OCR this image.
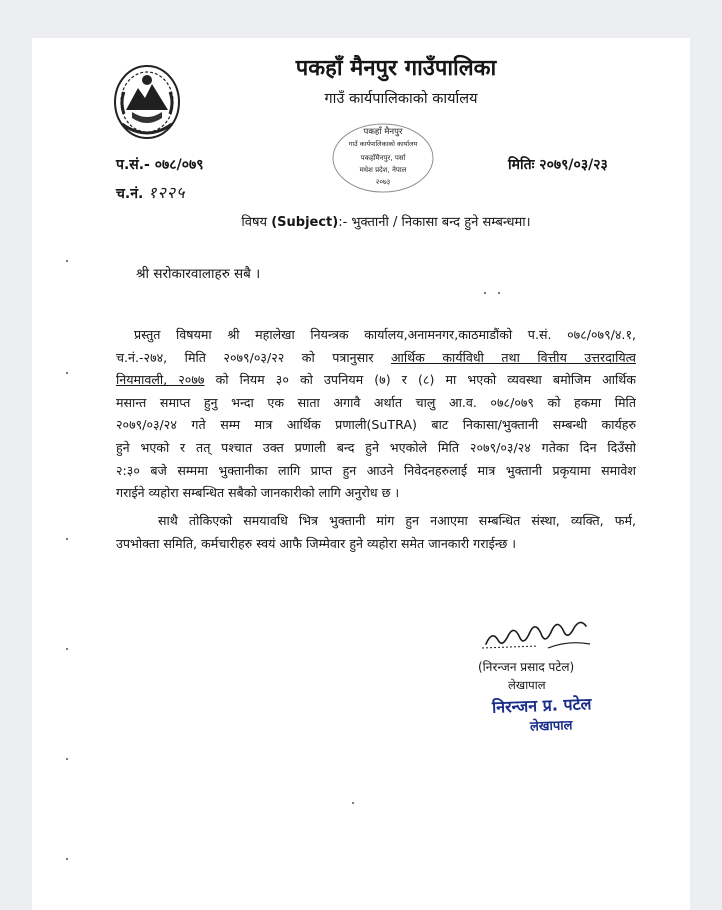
पकहाँ मैनपुर गाउँपालिका
गाउँ कार्यपालिकाको कार्यालय
पकहाँ मैनपुर
गाउँ कार्यपालिकाको कार्यालय
पकहाँमैनपुर, पर्सा
मधेश प्रदेश, नेपाल
२०७३
प.सं.- ०७८/०७९	मितिः २०७९/०३/२३
च.नं. १२२५
विषय (Subject):- भुक्तानी / निकासा बन्द हुने सम्बन्धमा।
श्री सरोकारवालाहरु सबै ।
प्रस्तुत विषयमा श्री महालेखा नियन्त्रक कार्यालय,अनामनगर,काठमाडौंको प.सं. ०७८/०७९/४.१,
च.नं.-२७४, मिति २०७९/०३/२२ को पत्रानुसार आर्थिक कार्यविधी तथा वित्तीय उत्तरदायित्व
नियमावली, २०७७ को नियम ३० को उपनियम (७) र (८) मा भएको व्यवस्था बमोजिम आर्थिक
मसान्त समाप्त हुनु भन्दा एक साता अगावै अर्थात चालु आ.व. ०७८/०७९ को हकमा मिति
२०७९/०३/२४ गते सम्म मात्र आर्थिक प्रणाली(SuTRA) बाट निकासा/भुक्तानी सम्बन्धी कार्यहरु
हुने भएको र तत् पश्चात उक्त प्रणाली बन्द हुने भएकोले मिति २०७९/०३/२४ गतेका दिन दिउँसो
२:३० बजे सम्ममा भुक्तानीका लागि प्राप्त हुन आउने निवेदनहरुलाई मात्र भुक्तानी प्रकृयामा समावेश
गराईने व्यहोरा सम्बन्धित सबैको जानकारीको लागि अनुरोध छ ।
साथै तोकिएको समयावधि भित्र भुक्तानी मांग हुन नआएमा सम्बन्धित संस्था, व्यक्ति, फर्म,
उपभोक्ता समिति, कर्मचारीहरु स्वयं आफै जिम्मेवार हुने व्यहोरा समेत जानकारी गराईन्छ ।
(निरन्जन प्रसाद पटेल)
लेखापाल
निरन्जन प्र. पटेल
लेखापाल
